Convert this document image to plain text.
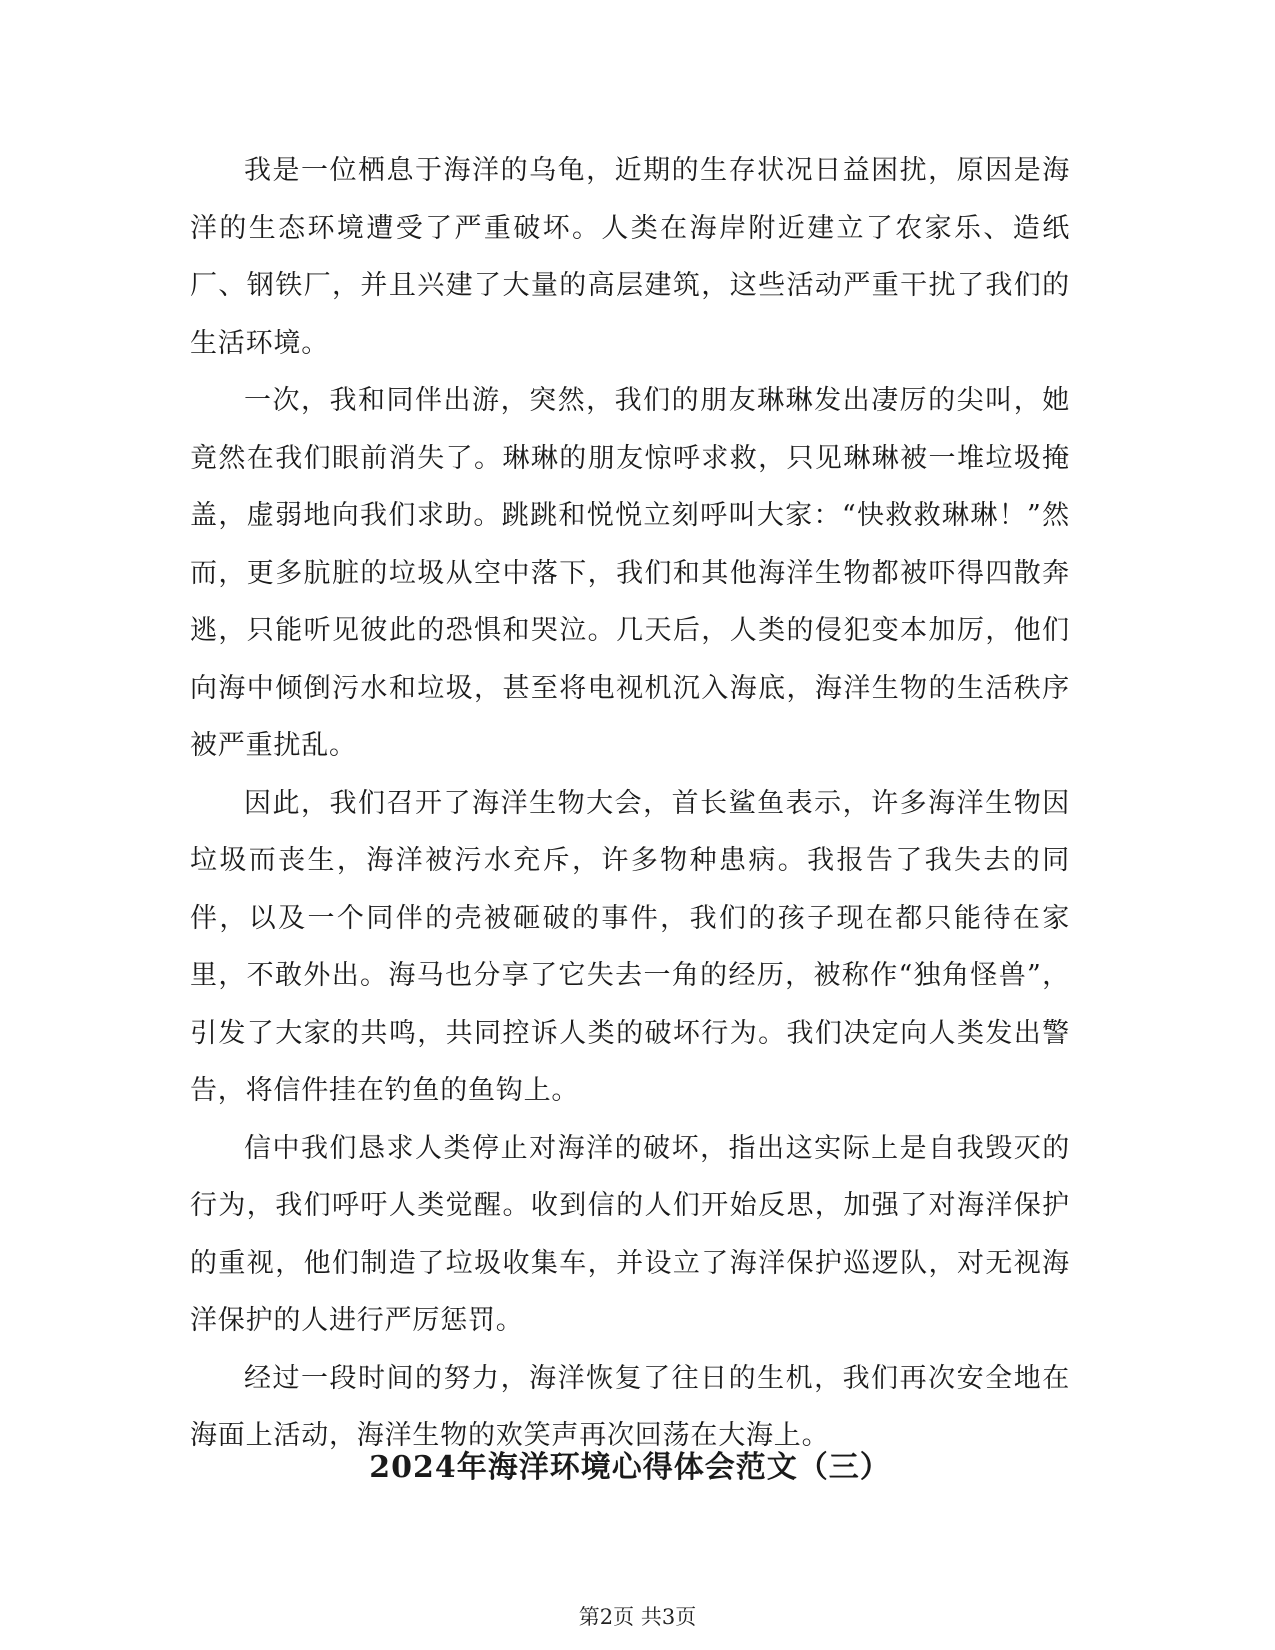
我是一位栖息于海洋的乌龟，近期的生存状况日益困扰，原因是海洋的生态环境遭受了严重破坏。人类在海岸附近建立了农家乐、造纸厂、钢铁厂，并且兴建了大量的高层建筑，这些活动严重干扰了我们的生活环境。

一次，我和同伴出游，突然，我们的朋友琳琳发出凄厉的尖叫，她竟然在我们眼前消失了。琳琳的朋友惊呼求救，只见琳琳被一堆垃圾掩盖，虚弱地向我们求助。跳跳和悦悦立刻呼叫大家：“快救救琳琳！”然而，更多肮脏的垃圾从空中落下，我们和其他海洋生物都被吓得四散奔逃，只能听见彼此的恐惧和哭泣。几天后，人类的侵犯变本加厉，他们向海中倾倒污水和垃圾，甚至将电视机沉入海底，海洋生物的生活秩序被严重扰乱。

因此，我们召开了海洋生物大会，首长鲨鱼表示，许多海洋生物因垃圾而丧生，海洋被污水充斥，许多物种患病。我报告了我失去的同伴，以及一个同伴的壳被砸破的事件，我们的孩子现在都只能待在家里，不敢外出。海马也分享了它失去一角的经历，被称作“独角怪兽”，引发了大家的共鸣，共同控诉人类的破坏行为。我们决定向人类发出警告，将信件挂在钓鱼的鱼钩上。

信中我们恳求人类停止对海洋的破坏，指出这实际上是自我毁灭的行为，我们呼吁人类觉醒。收到信的人们开始反思，加强了对海洋保护的重视，他们制造了垃圾收集车，并设立了海洋保护巡逻队，对无视海洋保护的人进行严厉惩罚。

经过一段时间的努力，海洋恢复了往日的生机，我们再次安全地在海面上活动，海洋生物的欢笑声再次回荡在大海上。

2024年海洋环境心得体会范文（三）
第2页 共3页
